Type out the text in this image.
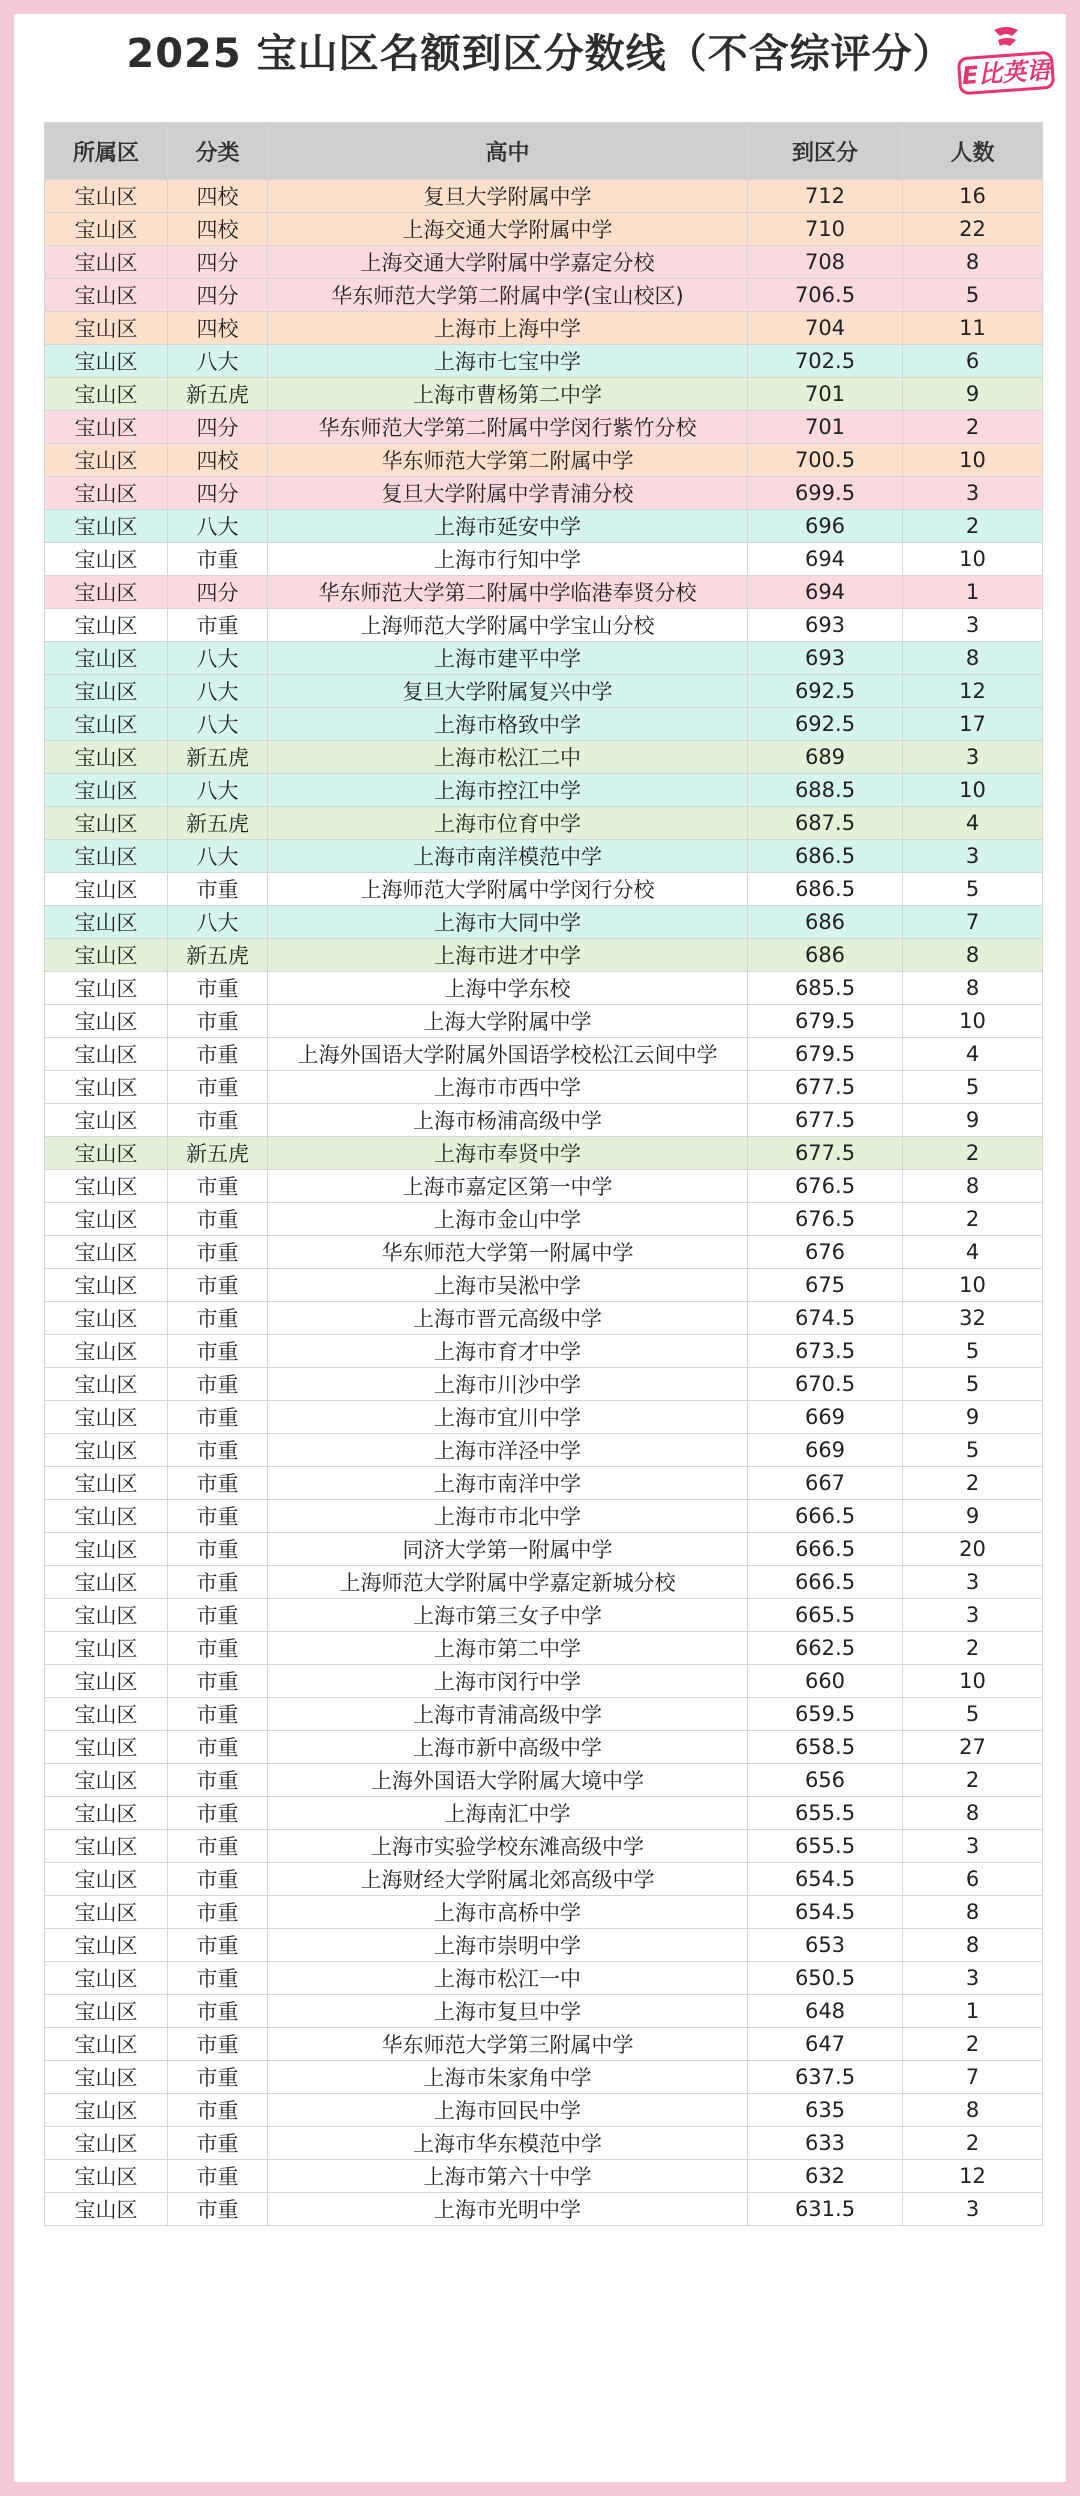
2025 宝山区名额到区分数线（不含综评分） E比英语
1
2
3
4
5
6
7
8
9
10
11
12
13
14
15
16
17
18
19
20
21
22
23
24
25
26
27
28
29
30
31
32
33
34
35
36
37
38
39
40
41
42
43
44
45
46
47
48
49
50
51
52
53
54
55
56
57
58
59
60
61
62
所属区	分类	高中	到区分	人数
宝山区	四校	复旦大学附属中学	712	16
宝山区	四校	上海交通大学附属中学	710	22
宝山区	四分	上海交通大学附属中学嘉定分校	708	8
宝山区	四分	华东师范大学第二附属中学(宝山校区)	706.5	5
宝山区	四校	上海市上海中学	704	11
宝山区	八大	上海市七宝中学	702.5	6
宝山区	新五虎	上海市曹杨第二中学	701	9
宝山区	四分	华东师范大学第二附属中学闵行紫竹分校	701	2
宝山区	四校	华东师范大学第二附属中学	700.5	10
宝山区	四分	复旦大学附属中学青浦分校	699.5	3
宝山区	八大	上海市延安中学	696	2
宝山区	市重	上海市行知中学	694	10
宝山区	四分	华东师范大学第二附属中学临港奉贤分校	694	1
宝山区	市重	上海师范大学附属中学宝山分校	693	3
宝山区	八大	上海市建平中学	693	8
宝山区	八大	复旦大学附属复兴中学	692.5	12
宝山区	八大	上海市格致中学	692.5	17
宝山区	新五虎	上海市松江二中	689	3
宝山区	八大	上海市控江中学	688.5	10
宝山区	新五虎	上海市位育中学	687.5	4
宝山区	八大	上海市南洋模范中学	686.5	3
宝山区	市重	上海师范大学附属中学闵行分校	686.5	5
宝山区	八大	上海市大同中学	686	7
宝山区	新五虎	上海市进才中学	686	8
宝山区	市重	上海中学东校	685.5	8
宝山区	市重	上海大学附属中学	679.5	10
宝山区	市重	上海外国语大学附属外国语学校松江云间中学	679.5	4
宝山区	市重	上海市市西中学	677.5	5
宝山区	市重	上海市杨浦高级中学	677.5	9
宝山区	新五虎	上海市奉贤中学	677.5	2
宝山区	市重	上海市嘉定区第一中学	676.5	8
宝山区	市重	上海市金山中学	676.5	2
宝山区	市重	华东师范大学第一附属中学	676	4
宝山区	市重	上海市吴淞中学	675	10
宝山区	市重	上海市晋元高级中学	674.5	32
宝山区	市重	上海市育才中学	673.5	5
宝山区	市重	上海市川沙中学	670.5	5
宝山区	市重	上海市宜川中学	669	9
宝山区	市重	上海市洋泾中学	669	5
宝山区	市重	上海市南洋中学	667	2
宝山区	市重	上海市市北中学	666.5	9
宝山区	市重	同济大学第一附属中学	666.5	20
宝山区	市重	上海师范大学附属中学嘉定新城分校	666.5	3
宝山区	市重	上海市第三女子中学	665.5	3
宝山区	市重	上海市第二中学	662.5	2
宝山区	市重	上海市闵行中学	660	10
宝山区	市重	上海市青浦高级中学	659.5	5
宝山区	市重	上海市新中高级中学	658.5	27
宝山区	市重	上海外国语大学附属大境中学	656	2
宝山区	市重	上海南汇中学	655.5	8
宝山区	市重	上海市实验学校东滩高级中学	655.5	3
宝山区	市重	上海财经大学附属北郊高级中学	654.5	6
宝山区	市重	上海市高桥中学	654.5	8
宝山区	市重	上海市崇明中学	653	8
宝山区	市重	上海市松江一中	650.5	3
宝山区	市重	上海市复旦中学	648	1
宝山区	市重	华东师范大学第三附属中学	647	2
宝山区	市重	上海市朱家角中学	637.5	7
宝山区	市重	上海市回民中学	635	8
宝山区	市重	上海市华东模范中学	633	2
宝山区	市重	上海市第六十中学	632	12
宝山区	市重	上海市光明中学	631.5	3
457
